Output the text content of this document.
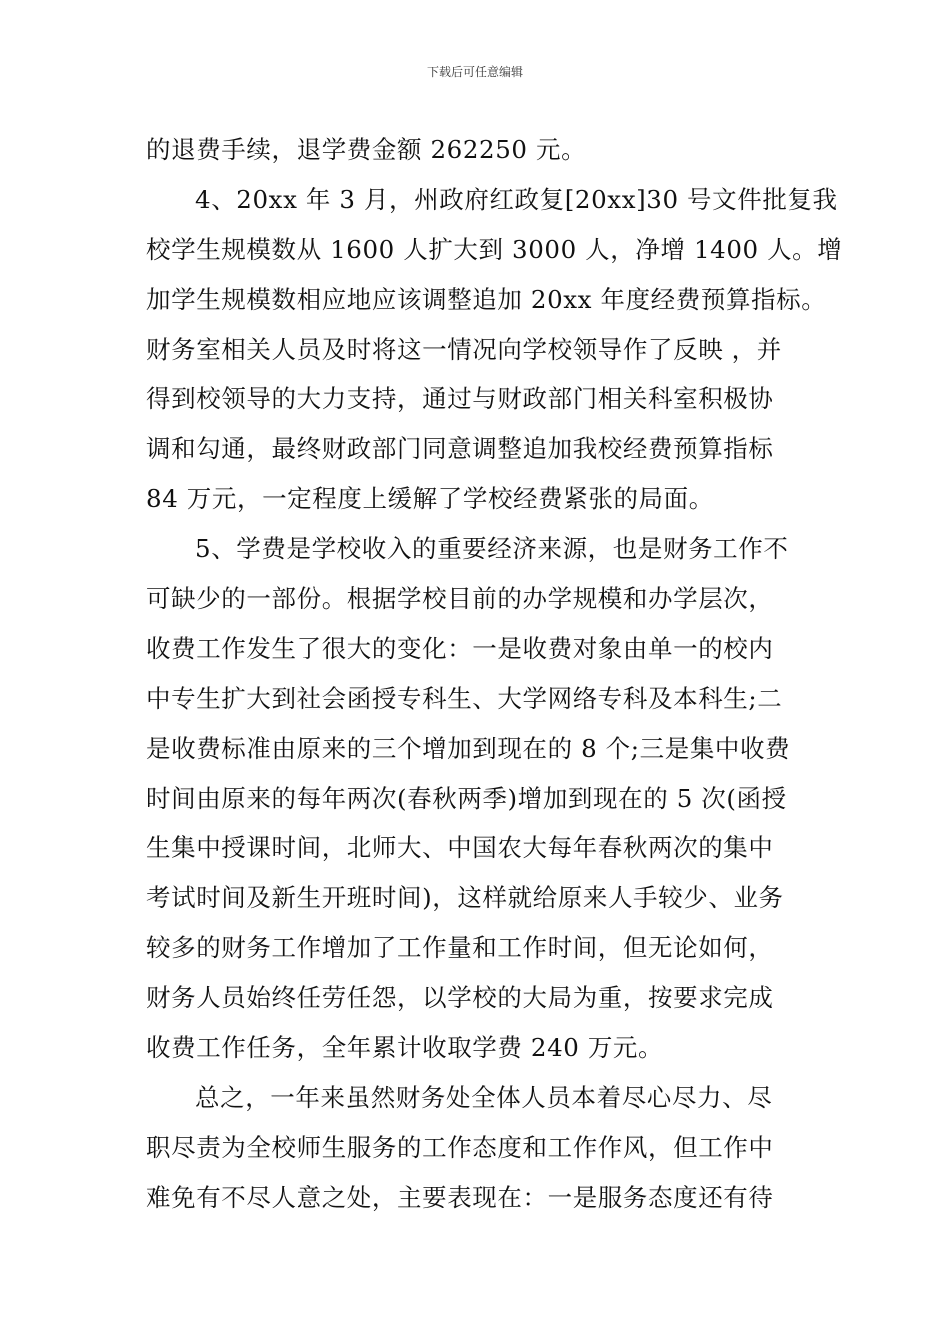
下载后可任意编辑
的退费手续，退学费金额 262250 元。
4、20xx 年 3 月，州政府红政复[20xx]30 号文件批复我
校学生规模数从 1600 人扩大到 3000 人，净增 1400 人。增
加学生规模数相应地应该调整追加 20xx 年度经费预算指标。
财务室相关人员及时将这一情况向学校领导作了反映 ，并
得到校领导的大力支持，通过与财政部门相关科室积极协
调和勾通，最终财政部门同意调整追加我校经费预算指标
84 万元，一定程度上缓解了学校经费紧张的局面。
5、学费是学校收入的重要经济来源，也是财务工作不
可缺少的一部份。根据学校目前的办学规模和办学层次，
收费工作发生了很大的变化：一是收费对象由单一的校内
中专生扩大到社会函授专科生、大学网络专科及本科生;二
是收费标准由原来的三个增加到现在的 8 个;三是集中收费
时间由原来的每年两次(春秋两季)增加到现在的 5 次(函授
生集中授课时间，北师大、中国农大每年春秋两次的集中
考试时间及新生开班时间)，这样就给原来人手较少、业务
较多的财务工作增加了工作量和工作时间，但无论如何，
财务人员始终任劳任怨，以学校的大局为重，按要求完成
收费工作任务，全年累计收取学费 240 万元。
总之，一年来虽然财务处全体人员本着尽心尽力、尽
职尽责为全校师生服务的工作态度和工作作风，但工作中
难免有不尽人意之处，主要表现在：一是服务态度还有待
